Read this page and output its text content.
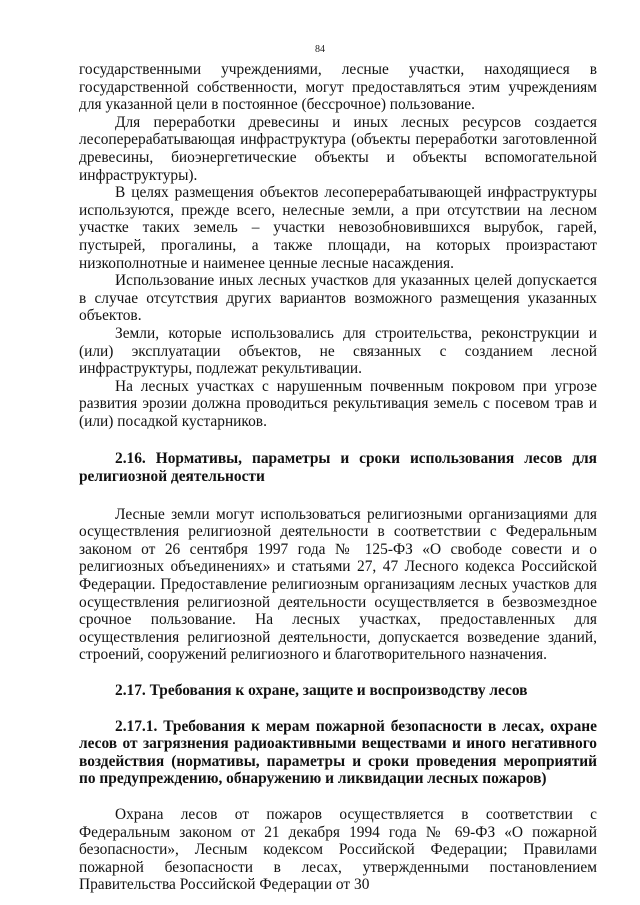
84

государственными учреждениями, лесные участки, находящиеся в государственной собственности, могут предоставляться этим учреждениям для указанной цели в постоянное (бессрочное) пользование.

Для переработки древесины и иных лесных ресурсов создается лесоперерабатывающая инфраструктура (объекты переработки заготовленной древесины, биоэнергетические объекты и объекты вспомогательной инфраструктуры).

В целях размещения объектов лесоперерабатывающей инфраструктуры используются, прежде всего, нелесные земли, а при отсутствии на лесном участке таких земель – участки невозобновившихся вырубок, гарей, пустырей, прогалины, а также площади, на которых произрастают низкополнотные и наименее ценные лесные насаждения.

Использование иных лесных участков для указанных целей допускается в случае отсутствия других вариантов возможного размещения указанных объектов.

Земли, которые использовались для строительства, реконструкции и (или) эксплуатации объектов, не связанных с созданием лесной инфраструктуры, подлежат рекультивации.

На лесных участках с нарушенным почвенным покровом при угрозе развития эрозии должна проводиться рекультивация земель с посевом трав и (или) посадкой кустарников.

2.16. Нормативы, параметры и сроки использования лесов для религиозной деятельности

Лесные земли могут использоваться религиозными организациями для осуществления религиозной деятельности в соответствии с Федеральным законом от 26 сентября 1997 года № 125-ФЗ «О свободе совести и о религиозных объединениях» и статьями 27, 47 Лесного кодекса Российской Федерации. Предоставление религиозным организациям лесных участков для осуществления религиозной деятельности осуществляется в безвозмездное срочное пользование. На лесных участках, предоставленных для осуществления религиозной деятельности, допускается возведение зданий, строений, сооружений религиозного и благотворительного назначения.

2.17. Требования к охране, защите и воспроизводству лесов

2.17.1. Требования к мерам пожарной безопасности в лесах, охране лесов от загрязнения радиоактивными веществами и иного негативного воздействия (нормативы, параметры и сроки проведения мероприятий по предупреждению, обнаружению и ликвидации лесных пожаров)

Охрана лесов от пожаров осуществляется в соответствии с Федеральным законом от 21 декабря 1994 года № 69-ФЗ «О пожарной безопасности», Лесным кодексом Российской Федерации; Правилами пожарной безопасности в лесах, утвержденными постановлением Правительства Российской Федерации от 30
